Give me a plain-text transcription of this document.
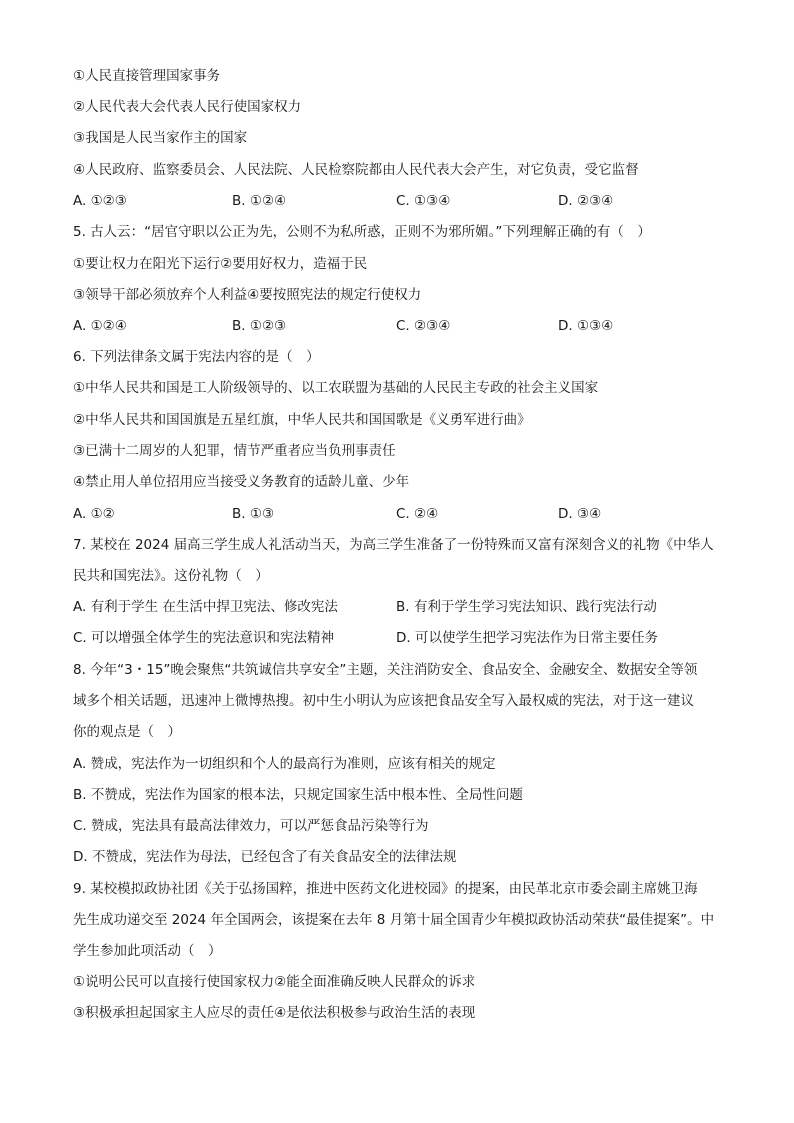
①人民直接管理国家事务
②人民代表大会代表人民行使国家权力
③我国是人民当家作主的国家
④人民政府、监察委员会、人民法院、人民检察院都由人民代表大会产生，对它负责，受它监督
A. ①②③	B. ①②④	C. ①③④	D. ②③④
5. 古人云：“居官守职以公正为先，公则不为私所惑，正则不为邪所媚。”下列理解正确的有（　）
①要让权力在阳光下运行②要用好权力，造福于民
③领导干部必须放弃个人利益④要按照宪法的规定行使权力
A. ①②④	B. ①②③	C. ②③④	D. ①③④
6. 下列法律条文属于宪法内容的是（　）
①中华人民共和国是工人阶级领导的、以工农联盟为基础的人民民主专政的社会主义国家
②中华人民共和国国旗是五星红旗，中华人民共和国国歌是《义勇军进行曲》
③已满十二周岁的人犯罪，情节严重者应当负刑事责任
④禁止用人单位招用应当接受义务教育的适龄儿童、少年
A. ①②	B. ①③	C. ②④	D. ③④
7. 某校在 2024 届高三学生成人礼活动当天，为高三学生准备了一份特殊而又富有深刻含义的礼物《中华人
民共和国宪法》。这份礼物（　）
A. 有利于学生 在生活中捍卫宪法、修改宪法	B. 有利于学生学习宪法知识、践行宪法行动
C. 可以增强全体学生的宪法意识和宪法精神	D. 可以使学生把学习宪法作为日常主要任务
8. 今年“3・15”晚会聚焦“共筑诚信共享安全”主题，关注消防安全、食品安全、金融安全、数据安全等领
域多个相关话题，迅速冲上微博热搜。初中生小明认为应该把食品安全写入最权威的宪法，对于这一建议
你的观点是（　）
A. 赞成，宪法作为一切组织和个人的最高行为准则，应该有相关的规定
B. 不赞成，宪法作为国家的根本法，只规定国家生活中根本性、全局性问题
C. 赞成，宪法具有最高法律效力，可以严惩食品污染等行为
D. 不赞成，宪法作为母法，已经包含了有关食品安全的法律法规
9. 某校模拟政协社团《关于弘扬国粹，推进中医药文化进校园》的提案，由民革北京市委会副主席姚卫海
先生成功递交至 2024 年全国两会，该提案在去年 8 月第十届全国青少年模拟政协活动荣获“最佳提案”。中
学生参加此项活动（　）
①说明公民可以直接行使国家权力②能全面准确反映人民群众的诉求
③积极承担起国家主人应尽的责任④是依法积极参与政治生活的表现
